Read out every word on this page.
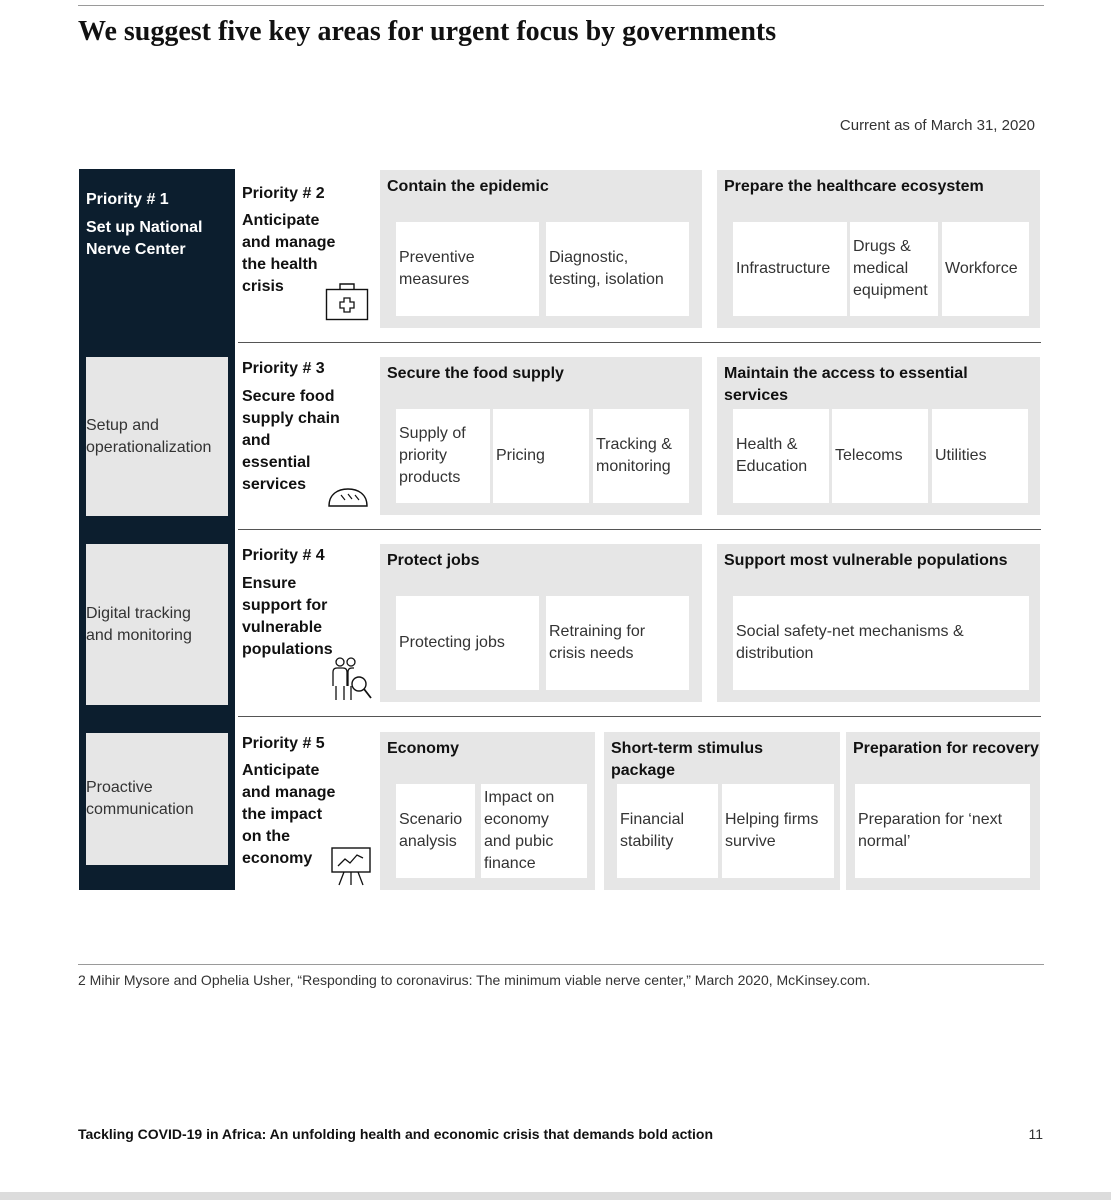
We suggest five key areas for urgent focus by governments
Current as of March 31, 2020
Priority # 1
Set up National
Nerve Center
Setup and
operationalization
Digital tracking
and monitoring
Proactive
communication
Priority # 2
Anticipate
and manage
the health
crisis
Contain the epidemic
Preventive
measures
Diagnostic,
testing, isolation
Prepare the healthcare ecosystem
Infrastructure
Drugs &
medical
equipment
Workforce
Priority # 3
Secure food
supply chain
and
essential
services
Secure the food supply
Supply of
priority
products
Pricing
Tracking &
monitoring
Maintain the access to essential
services
Health &
Education
Telecoms Utilities
Priority # 4
Ensure
support for
vulnerable
populations
Protect jobs
Protecting jobs
Retraining for
crisis needs
Support most vulnerable populations
Social safety-net mechanisms &
distribution
Priority # 5
Anticipate
and manage
the impact
on the
economy
Economy
Scenario
analysis
Impact on
economy
and pubic
finance
Short-term stimulus
package
Financial
stability
Helping firms
survive
Preparation for recovery
Preparation for ‘next
normal’
2 Mihir Mysore and Ophelia Usher, “Responding to coronavirus: The minimum viable nerve center,” March 2020, McKinsey.com.
Tackling COVID-19 in Africa: An unfolding health and economic crisis that demands bold action	11
